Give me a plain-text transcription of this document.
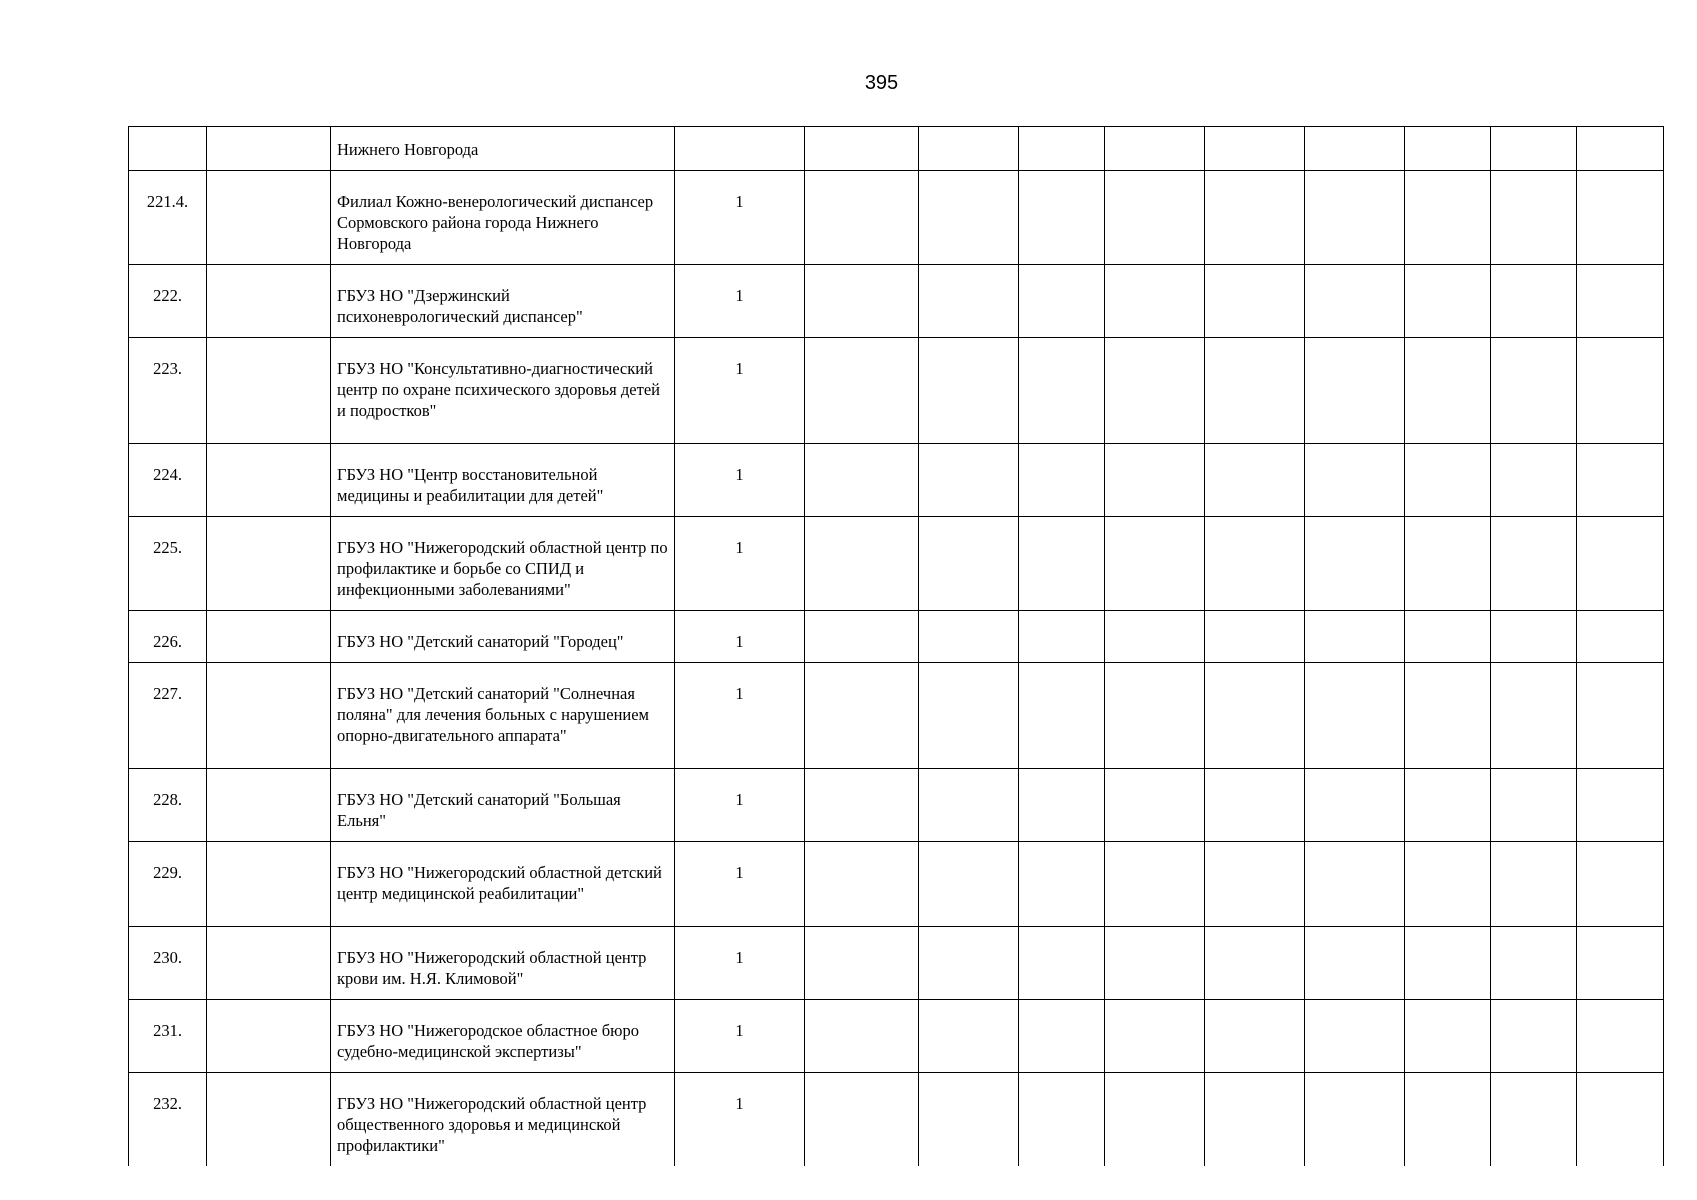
395
		Нижнего Новгорода										
221.4.		Филиал Кожно-венерологический диспансер Сормовского района города Нижнего Новгорода	1									
222.		ГБУЗ НО "Дзержинский психоневрологический диспансер"	1									
223.		ГБУЗ НО "Консультативно-диагностический центр по охране психического здоровья детей и подростков"	1									
224.		ГБУЗ НО "Центр восстановительной медицины и реабилитации для детей"	1									
225.		ГБУЗ НО "Нижегородский областной центр по профилактике и борьбе со СПИД и инфекционными заболеваниями"	1									
226.		ГБУЗ НО "Детский санаторий "Городец"	1									
227.		ГБУЗ НО "Детский санаторий "Солнечная поляна" для лечения больных с нарушением опорно-двигательного аппарата"	1									
228.		ГБУЗ НО "Детский санаторий "Большая Ельня"	1									
229.		ГБУЗ НО "Нижегородский областной детский центр медицинской реабилитации"	1									
230.		ГБУЗ НО "Нижегородский областной центр крови им. Н.Я. Климовой"	1									
231.		ГБУЗ НО "Нижегородское областное бюро судебно-медицинской экспертизы"	1									
232.		ГБУЗ НО "Нижегородский областной центр общественного здоровья и медицинской профилактики"	1									
